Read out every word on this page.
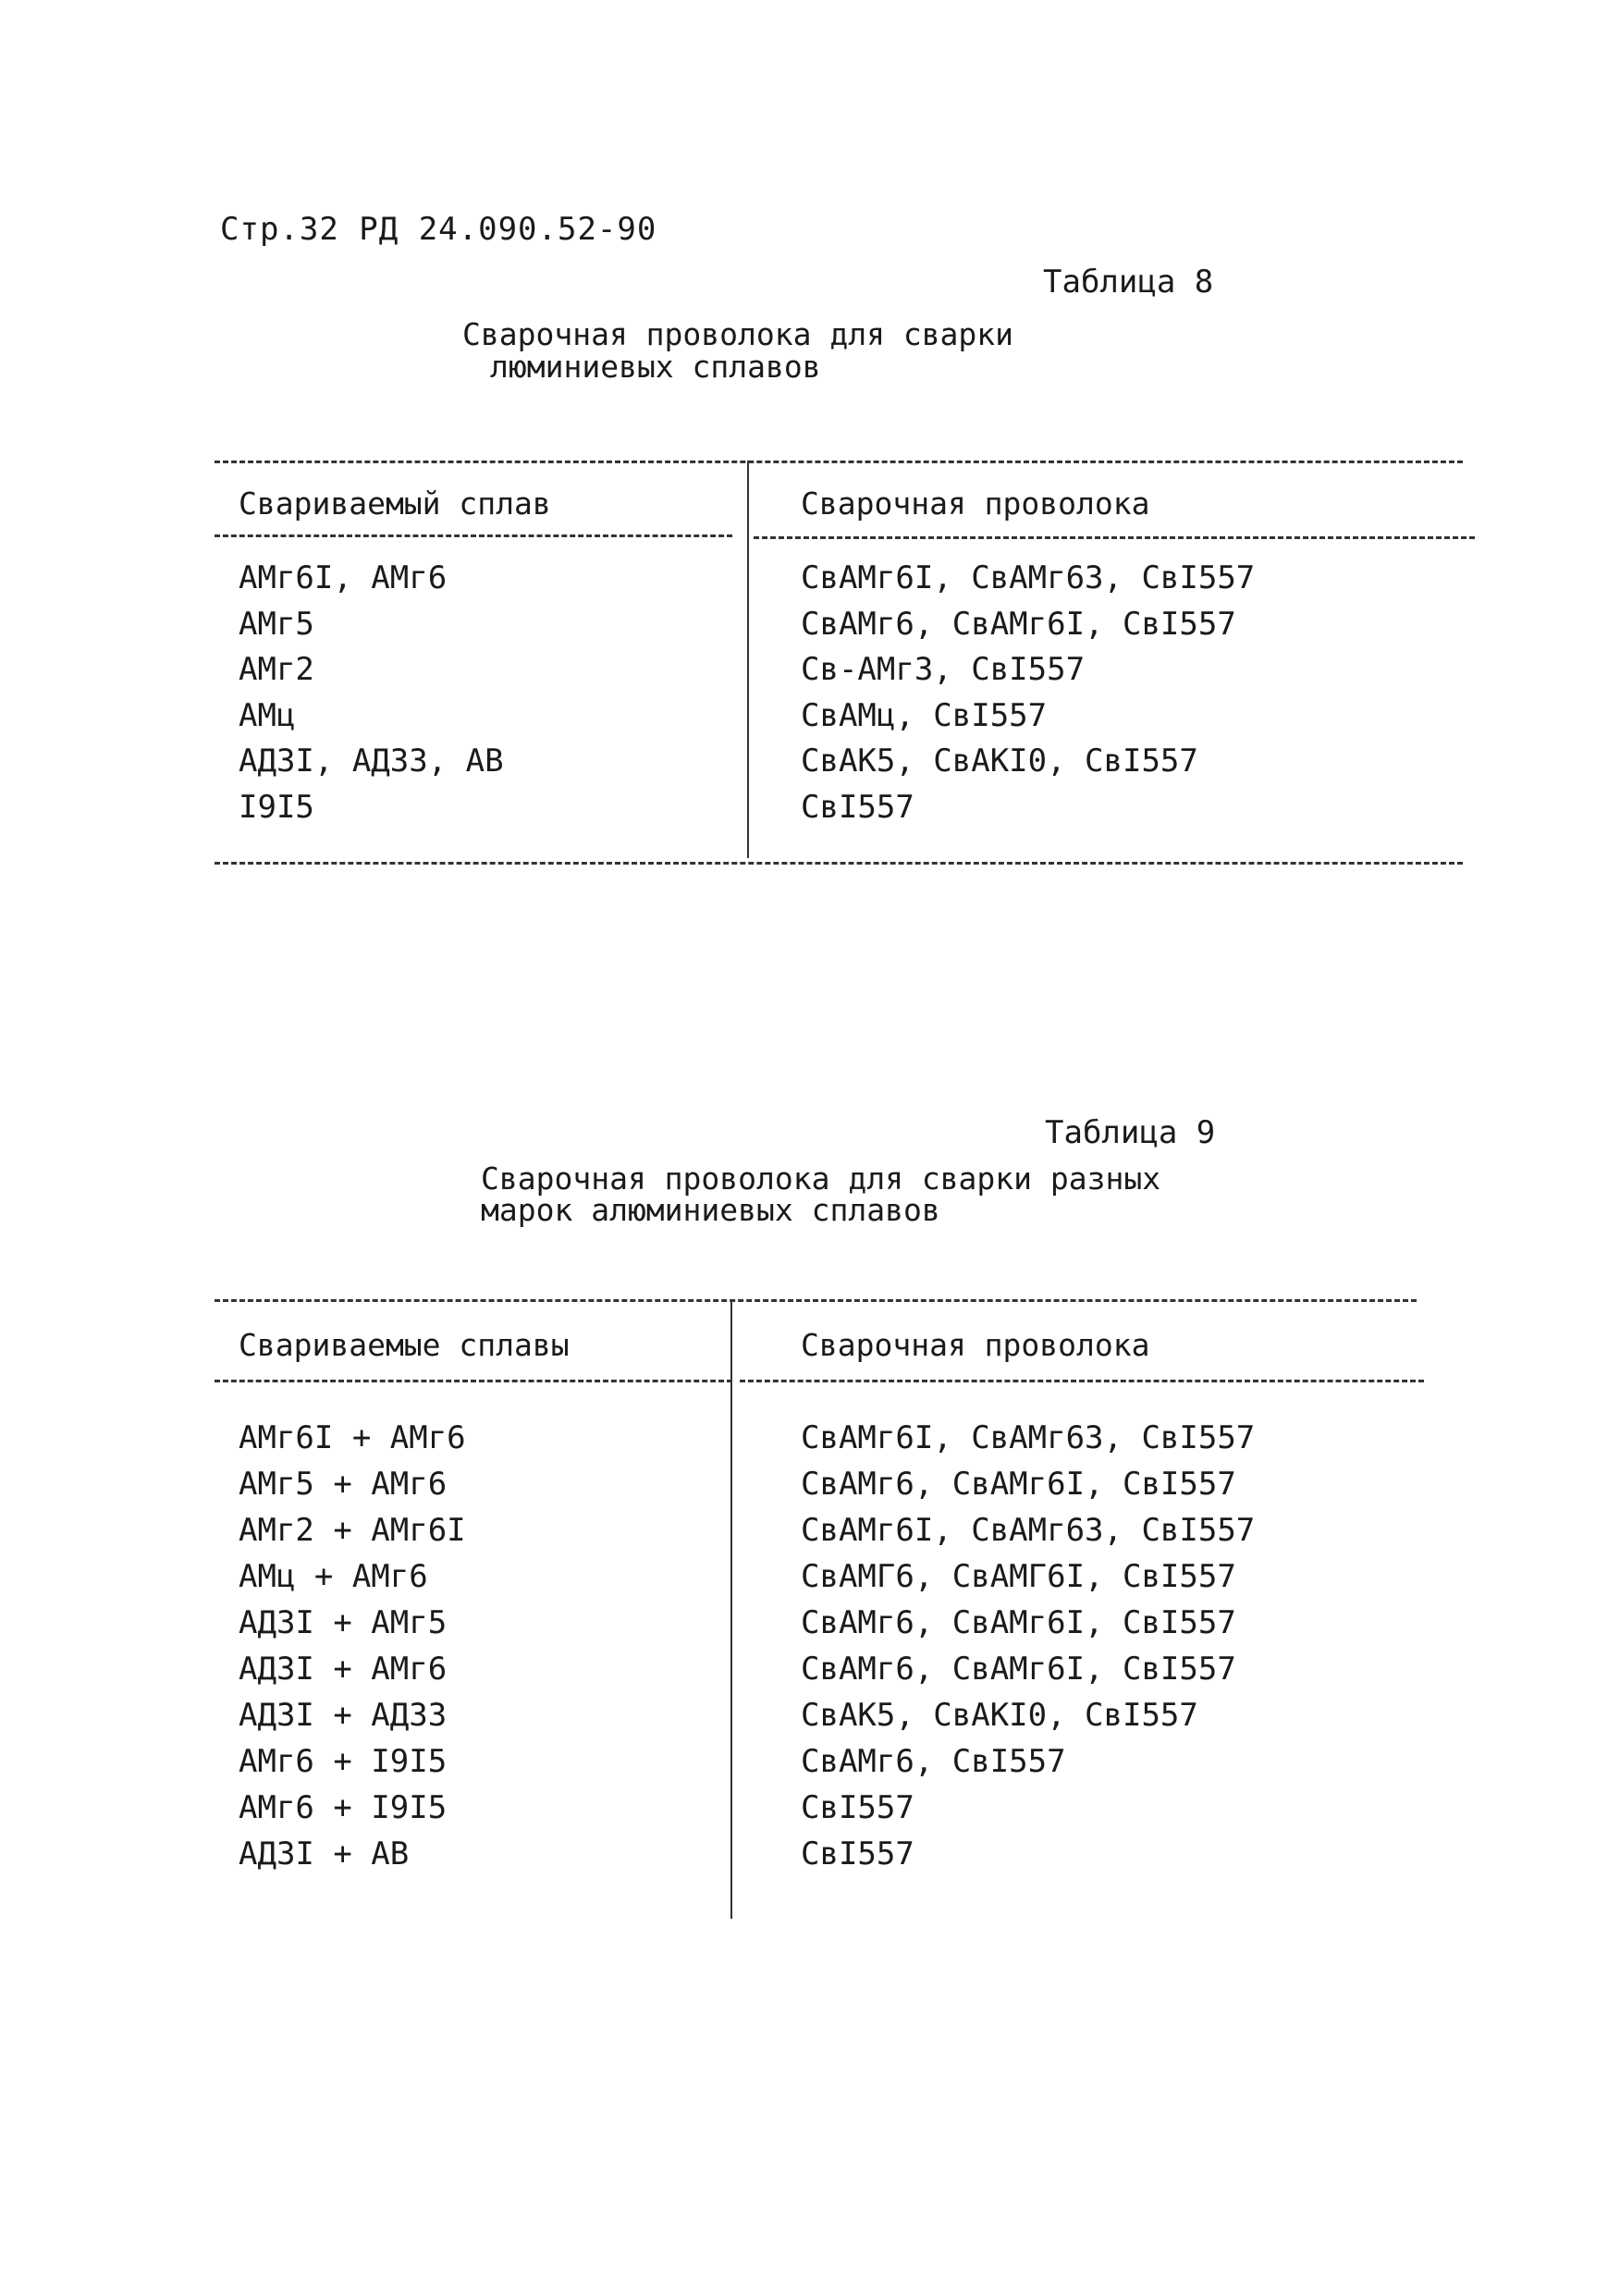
Стр.32 РД 24.090.52-90
Таблица 8
Сварочная проволока для сварки
люминиевых сплавов
Свариваемый сплав	Сварочная проволока
АМг6I, АМг6	СвАМг6I, СвАМг63, СвI557
АМг5	СвАМг6, СвАМг6I, СвI557
АМг2	Св-АМг3, СвI557
АМц	СвАМц, СвI557
АД3I, АД33, АВ	СвАК5, СвАКI0, СвI557
I9I5	СвI557
Таблица 9
Сварочная проволока для сварки разных
марок алюминиевых сплавов
Свариваемые сплавы	Сварочная проволока
АМг6I + АМг6	СвАМг6I, СвАМг63, СвI557
АМг5 + АМг6	СвАМг6, СвАМг6I, СвI557
АМг2 + АМг6I	СвАМг6I, СвАМг63, СвI557
АМц + АМг6	СвАМГ6, СвАМГ6I, СвI557
АД3I + АМг5	СвАМг6, СвАМг6I, СвI557
АД3I + АМг6	СвАМг6, СвАМг6I, СвI557
АД3I + АД33	СвАК5, СвАКI0, СвI557
АМг6 + I9I5	СвАМг6, СвI557
АМг6 + I9I5	СвI557
АД3I + АВ	СвI557
